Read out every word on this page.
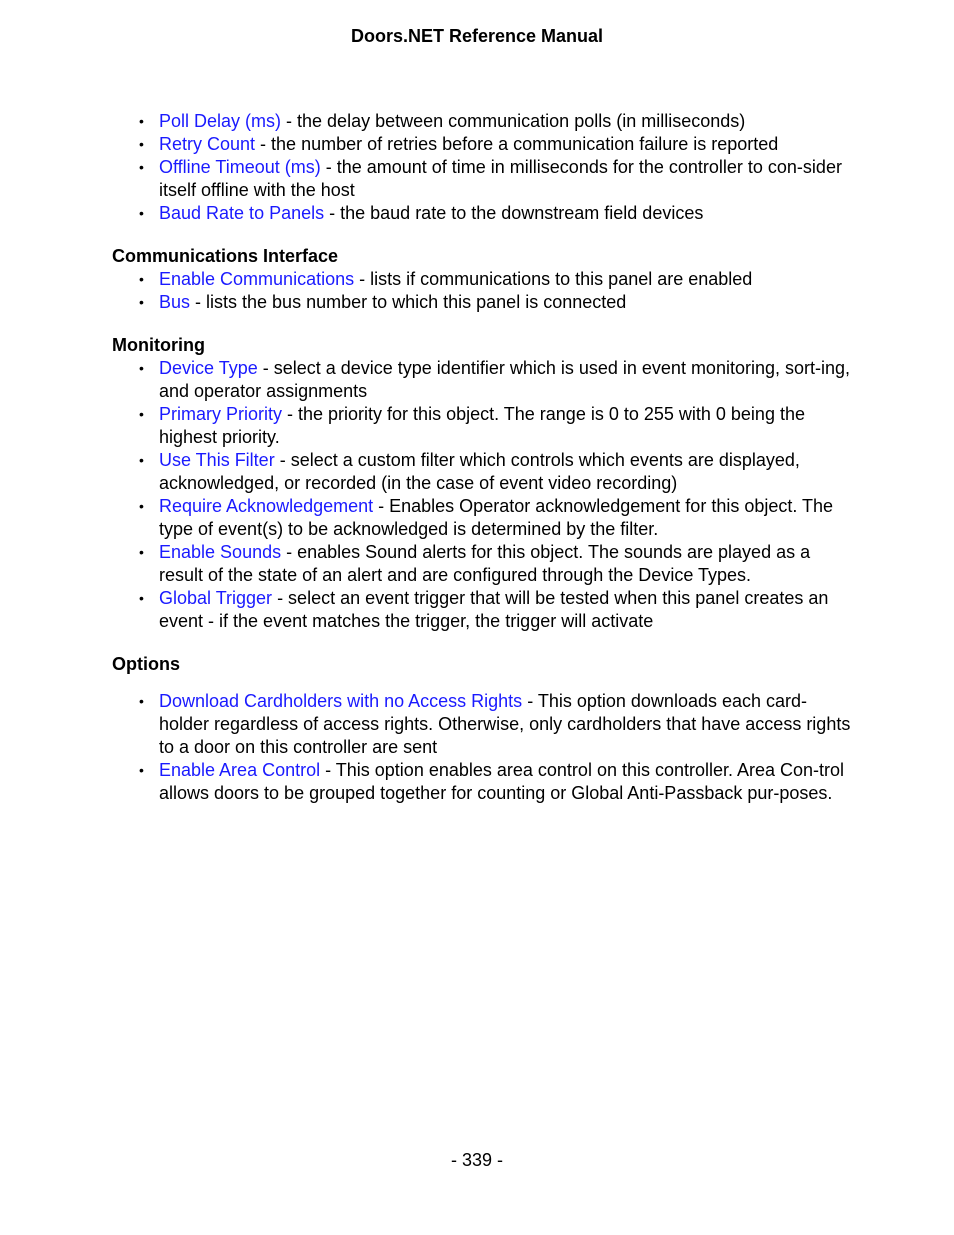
Doors.NET Reference Manual
• Poll Delay (ms) - the delay between communication polls (in milliseconds)
• Retry Count - the number of retries before a communication failure is reported
• Offline Timeout (ms) - the amount of time in milliseconds for the controller to con-sider itself offline with the host
• Baud Rate to Panels - the baud rate to the downstream field devices

Communications Interface

• Enable Communications - lists if communications to this panel are enabled
• Bus - lists the bus number to which this panel is connected

Monitoring

• Device Type - select a device type identifier which is used in event monitoring, sort-ing, and operator assignments
• Primary Priority - the priority for this object. The range is 0 to 255 with 0 being the highest priority.
• Use This Filter - select a custom filter which controls which events are displayed, acknowledged, or recorded (in the case of event video recording)
• Require Acknowledgement - Enables Operator acknowledgement for this object. The type of event(s) to be acknowledged is determined by the filter.
• Enable Sounds - enables Sound alerts for this object. The sounds are played as a result of the state of an alert and are configured through the Device Types.
• Global Trigger - select an event trigger that will be tested when this panel creates an event - if the event matches the trigger, the trigger will activate

Options

• Download Cardholders with no Access Rights - This option downloads each card-holder regardless of access rights. Otherwise, only cardholders that have access rights to a door on this controller are sent
• Enable Area Control - This option enables area control on this controller. Area Con-trol allows doors to be grouped together for counting or Global Anti-Passback pur-poses.
- 339 -
